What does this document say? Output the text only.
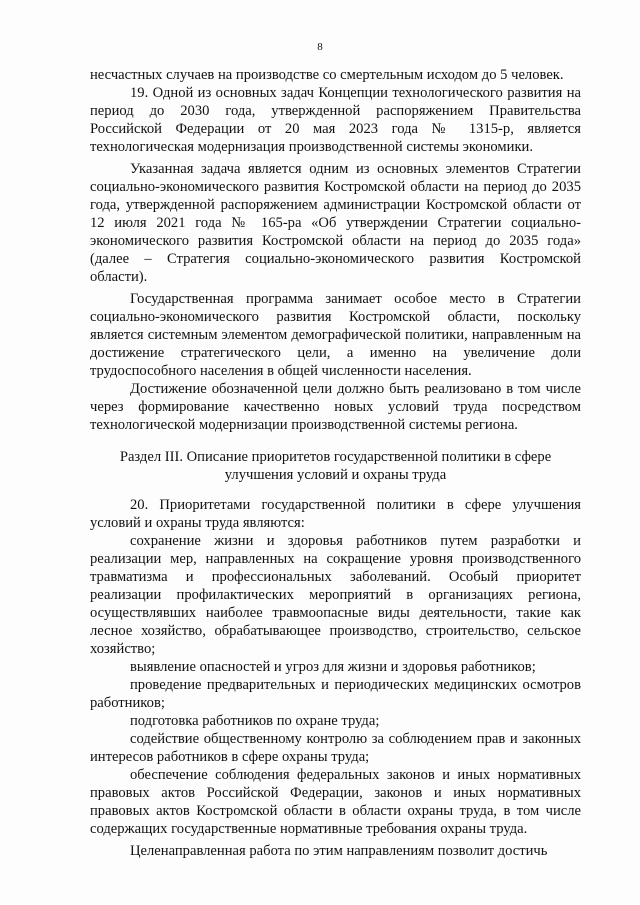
8

несчастных случаев на производстве со смертельным исходом до 5 человек.

19. Одной из основных задач Концепции технологического развития на период до 2030 года, утвержденной распоряжением Правительства Российской Федерации от 20 мая 2023 года № 1315-р, является технологическая модернизация производственной системы экономики.

Указанная задача является одним из основных элементов Стратегии социально-экономического развития Костромской области на период до 2035 года, утвержденной распоряжением администрации Костромской области от 12 июля 2021 года № 165-ра «Об утверждении Стратегии социально-экономического развития Костромской области на период до 2035 года» (далее – Стратегия социально-экономического развития Костромской области).

Государственная программа занимает особое место в Стратегии социально-экономического развития Костромской области, поскольку является системным элементом демографической политики, направленным на достижение стратегического цели, а именно на увеличение доли трудоспособного населения в общей численности населения.

Достижение обозначенной цели должно быть реализовано в том числе через формирование качественно новых условий труда посредством технологической модернизации производственной системы региона.

Раздел III. Описание приоритетов государственной политики в сфере
улучшения условий и охраны труда

20. Приоритетами государственной политики в сфере улучшения условий и охраны труда являются:

сохранение жизни и здоровья работников путем разработки и реализации мер, направленных на сокращение уровня производственного травматизма и профессиональных заболеваний. Особый приоритет реализации профилактических мероприятий в организациях региона, осуществлявших наиболее травмоопасные виды деятельности, такие как лесное хозяйство, обрабатывающее производство, строительство, сельское хозяйство;

выявление опасностей и угроз для жизни и здоровья работников;

проведение предварительных и периодических медицинских осмотров работников;

подготовка работников по охране труда;

содействие общественному контролю за соблюдением прав и законных интересов работников в сфере охраны труда;

обеспечение соблюдения федеральных законов и иных нормативных правовых актов Российской Федерации, законов и иных нормативных правовых актов Костромской области в области охраны труда, в том числе содержащих государственные нормативные требования охраны труда.

Целенаправленная работа по этим направлениям позволит достичь
